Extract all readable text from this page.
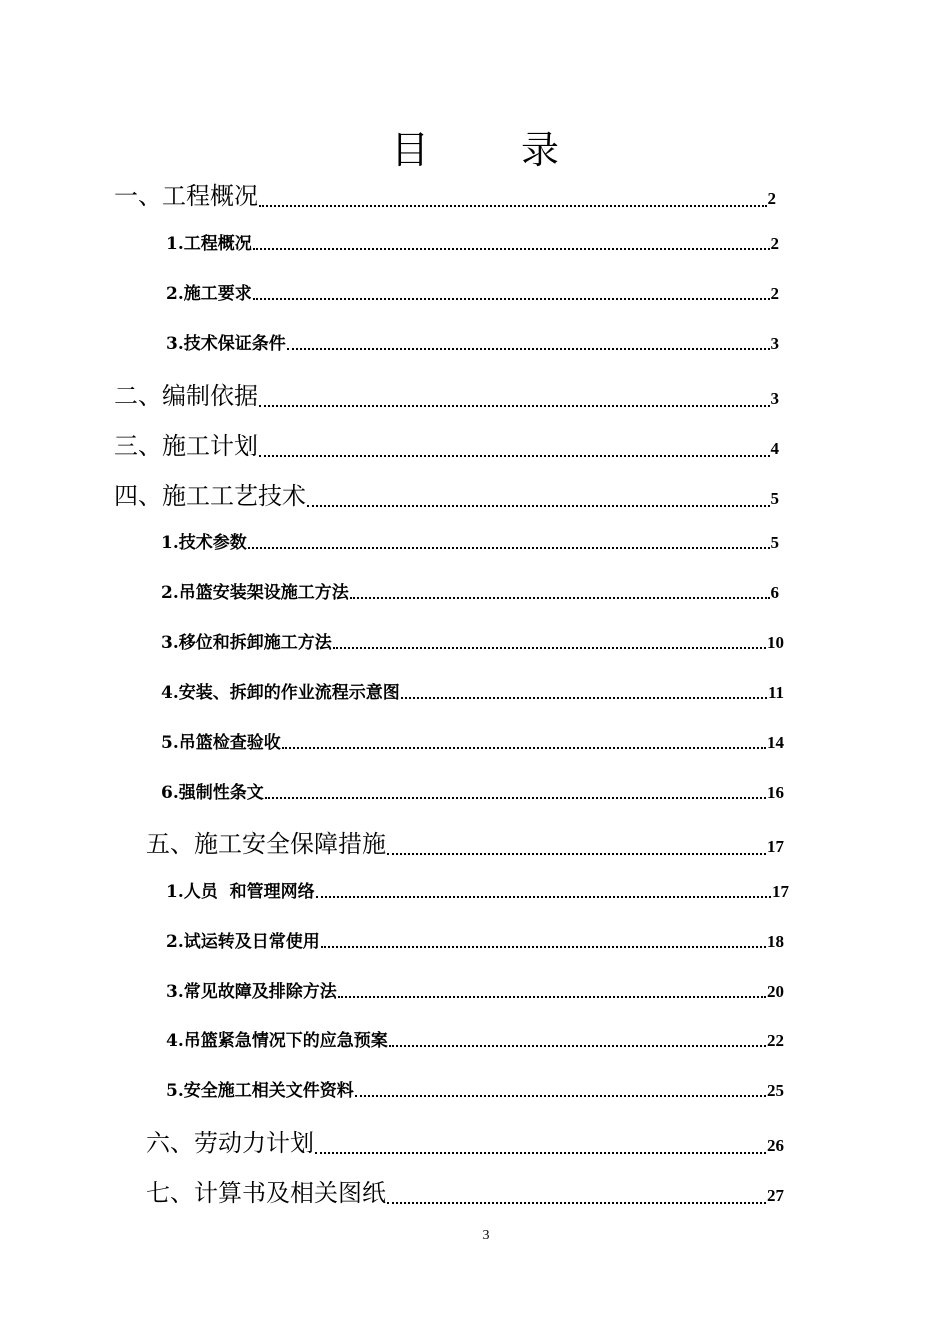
目 录
一、工程概况	2
1.工程概况	2
2.施工要求	2
3.技术保证条件	3
二、编制依据	3
三、施工计划	4
四、施工工艺技术	5
1.技术参数	5
2.吊篮安装架设施工方法	6
3.移位和拆卸施工方法	10
4.安装、拆卸的作业流程示意图	11
5.吊篮检查验收	14
6.强制性条文	16
五、施工安全保障措施	17
1.人员  和管理网络	17
2.试运转及日常使用	18
3.常见故障及排除方法	20
4.吊篮紧急情况下的应急预案	22
5.安全施工相关文件资料	25
六、劳动力计划	26
七、计算书及相关图纸	27
3
